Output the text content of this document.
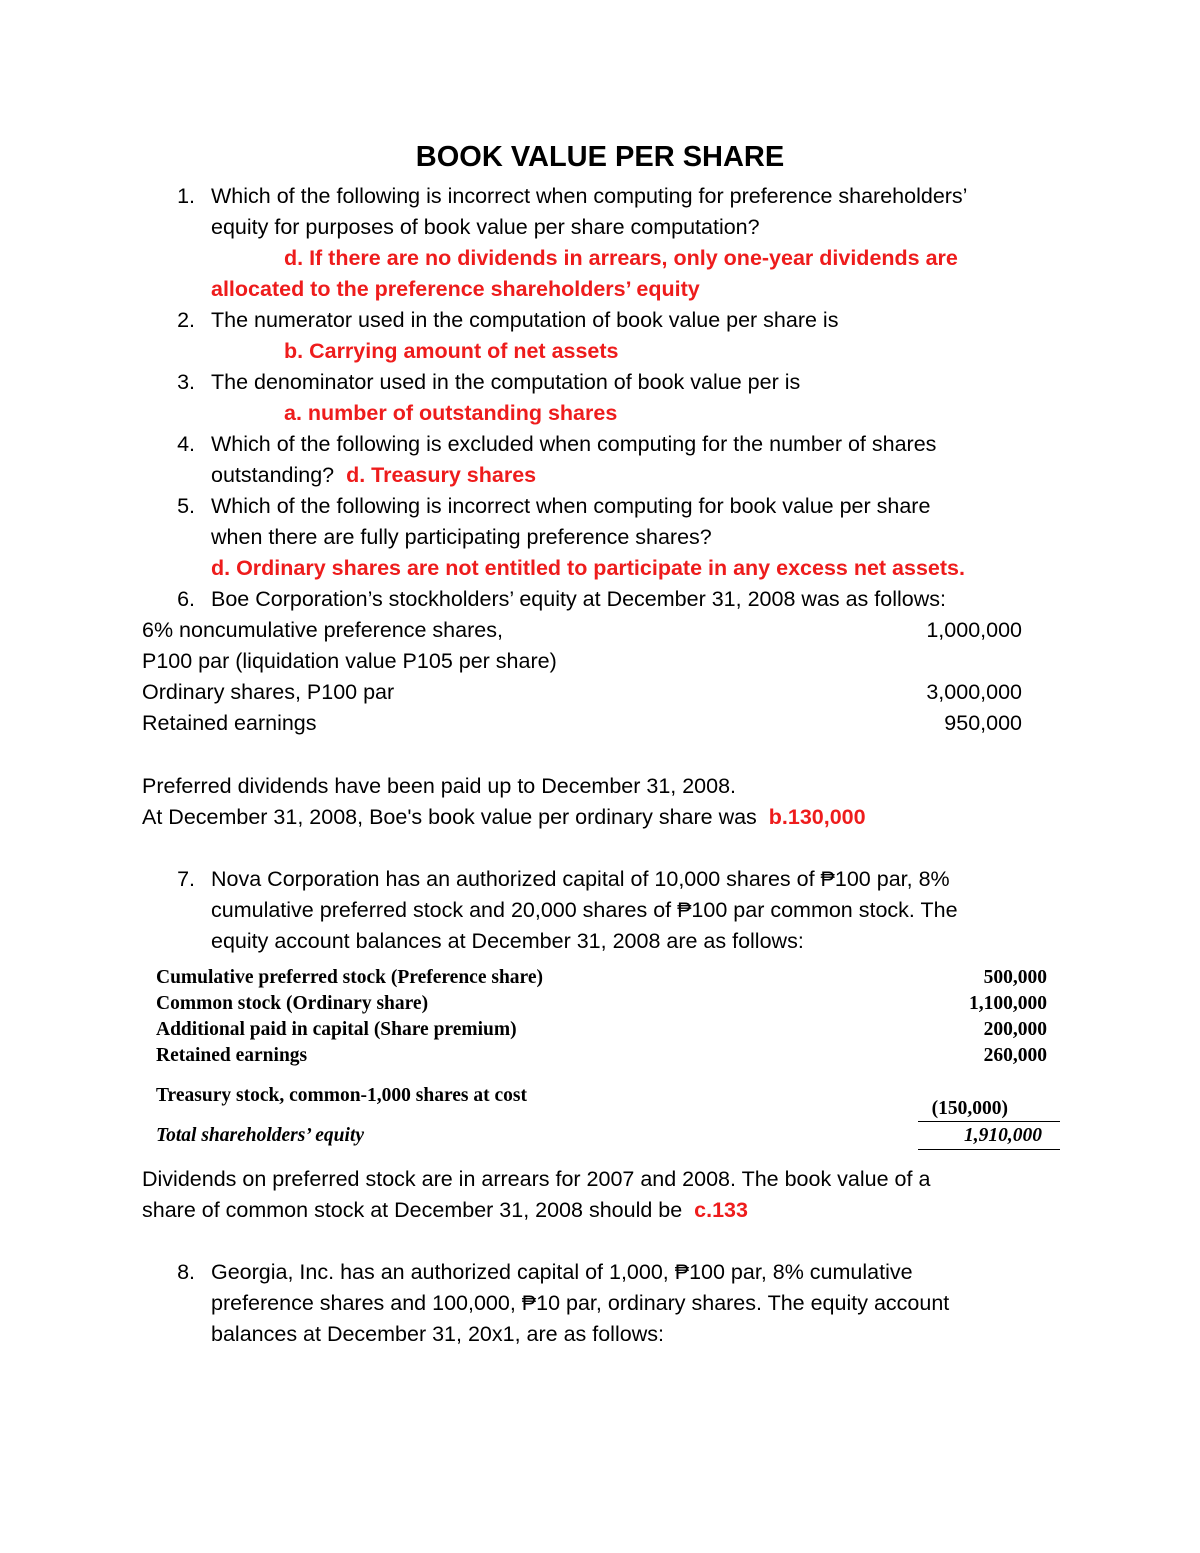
BOOK VALUE PER SHARE
1. Which of the following is incorrect when computing for preference shareholders’
equity for purposes of book value per share computation?
d. If there are no dividends in arrears, only one-year dividends are
allocated to the preference shareholders’ equity
2. The numerator used in the computation of book value per share is
b. Carrying amount of net assets
3. The denominator used in the computation of book value per is
a. number of outstanding shares
4. Which of the following is excluded when computing for the number of shares
outstanding? d. Treasury shares
5. Which of the following is incorrect when computing for book value per share
when there are fully participating preference shares?
d. Ordinary shares are not entitled to participate in any excess net assets.
6. Boe Corporation’s stockholders’ equity at December 31, 2008 was as follows:
6% noncumulative preference shares,	1,000,000
P100 par (liquidation value P105 per share)
Ordinary shares, P100 par	3,000,000
Retained earnings	950,000
Preferred dividends have been paid up to December 31, 2008.
At December 31, 2008, Boe's book value per ordinary share was b.130,000
7. Nova Corporation has an authorized capital of 10,000 shares of ₱100 par, 8%
cumulative preferred stock and 20,000 shares of ₱100 par common stock. The
equity account balances at December 31, 2008 are as follows:
Cumulative preferred stock (Preference share)	500,000
Common stock (Ordinary share)	1,100,000
Additional paid in capital (Share premium)	200,000
Retained earnings	260,000
Treasury stock, common-1,000 shares at cost
(150,000)
Total shareholders’ equity	1,910,000
Dividends on preferred stock are in arrears for 2007 and 2008. The book value of a
share of common stock at December 31, 2008 should be c.133
8. Georgia, Inc. has an authorized capital of 1,000, ₱100 par, 8% cumulative
preference shares and 100,000, ₱10 par, ordinary shares. The equity account
balances at December 31, 20x1, are as follows:
